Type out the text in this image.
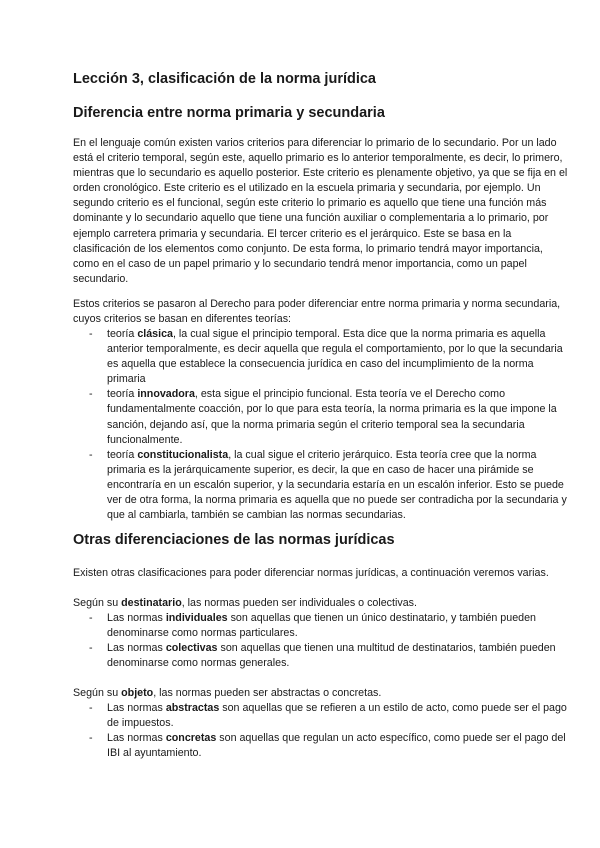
Lección 3, clasificación de la norma jurídica
Diferencia entre norma primaria y secundaria

En el lenguaje común existen varios criterios para diferenciar lo primario de lo secundario. Por un lado está el criterio temporal, según este, aquello primario es lo anterior temporalmente, es decir, lo primero, mientras que lo secundario es aquello posterior. Este criterio es plenamente objetivo, ya que se fija en el orden cronológico. Este criterio es el utilizado en la escuela primaria y secundaria, por ejemplo. Un segundo criterio es el funcional, según este criterio lo primario es aquello que tiene una función más dominante y lo secundario aquello que tiene una función auxiliar o complementaria a lo primario, por ejemplo carretera primaria y secundaria. El tercer criterio es el jerárquico. Este se basa en la clasificación de los elementos como conjunto. De esta forma, lo primario tendrá mayor importancia, como en el caso de un papel primario y lo secundario tendrá menor importancia, como un papel secundario.

Estos criterios se pasaron al Derecho para poder diferenciar entre norma primaria y norma secundaria, cuyos criterios se basan en diferentes teorías:

- teoría clásica, la cual sigue el principio temporal. Esta dice que la norma primaria es aquella anterior temporalmente, es decir aquella que regula el comportamiento, por lo que la secundaria es aquella que establece la consecuencia jurídica en caso del incumplimiento de la norma primaria
- teoría innovadora, esta sigue el principio funcional. Esta teoría ve el Derecho como fundamentalmente coacción, por lo que para esta teoría, la norma primaria es la que impone la sanción, dejando así, que la norma primaria según el criterio temporal sea la secundaria funcionalmente.
- teoría constitucionalista, la cual sigue el criterio jerárquico. Esta teoría cree que la norma primaria es la jerárquicamente superior, es decir, la que en caso de hacer una pirámide se encontraría en un escalón superior, y la secundaria estaría en un escalón inferior. Esto se puede ver de otra forma, la norma primaria es aquella que no puede ser contradicha por la secundaria y que al cambiarla, también se cambian las normas secundarias.
Otras diferenciaciones de las normas jurídicas

Existen otras clasificaciones para poder diferenciar normas jurídicas, a continuación veremos varias.

Según su destinatario, las normas pueden ser individuales o colectivas.

- Las normas individuales son aquellas que tienen un único destinatario, y también pueden denominarse como normas particulares.
- Las normas colectivas son aquellas que tienen una multitud de destinatarios, también pueden denominarse como normas generales.

Según su objeto, las normas pueden ser abstractas o concretas.

- Las normas abstractas son aquellas que se refieren a un estilo de acto, como puede ser el pago de impuestos.
- Las normas concretas son aquellas que regulan un acto específico, como puede ser el pago del IBI al ayuntamiento.
